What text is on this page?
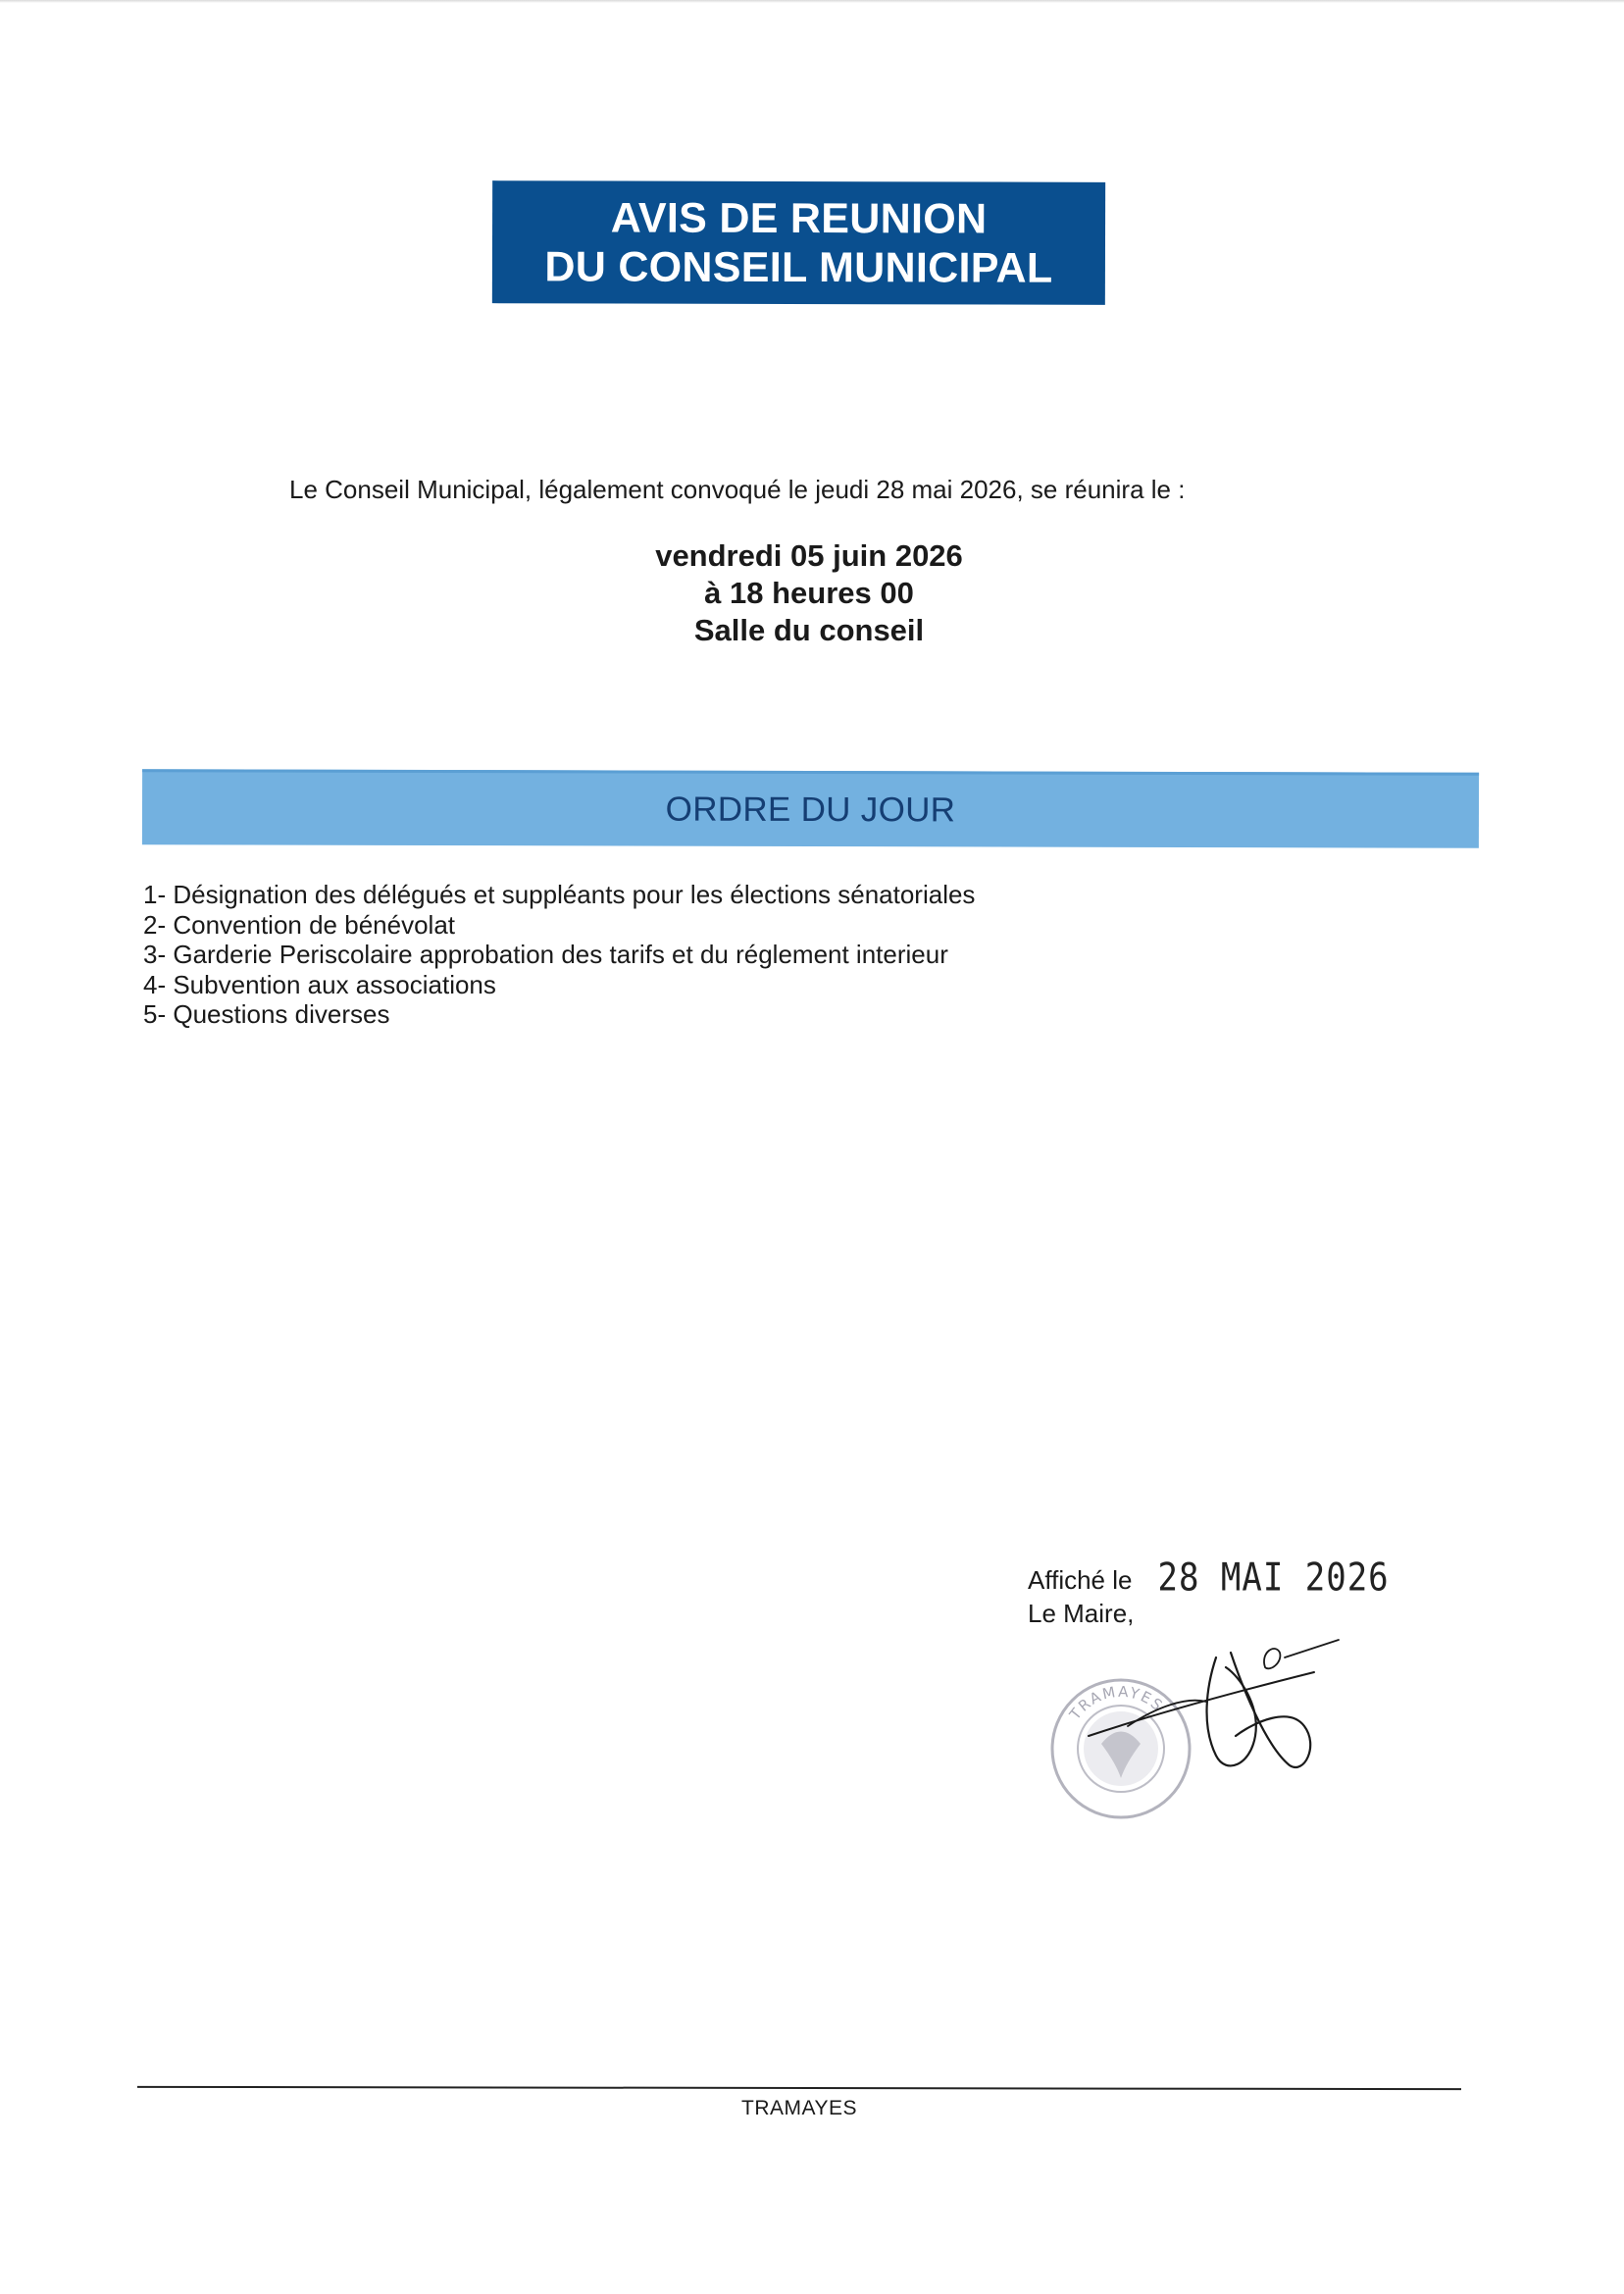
AVIS DE REUNION
DU CONSEIL MUNICIPAL
Le Conseil Municipal, légalement convoqué le jeudi 28 mai 2026, se réunira le :
vendredi 05 juin 2026
à 18 heures 00
Salle du conseil
ORDRE DU JOUR
1- Désignation des délégués et suppléants pour les élections sénatoriales
2- Convention de bénévolat
3- Garderie Periscolaire approbation des tarifs et du réglement interieur
4- Subvention aux associations
5- Questions diverses
Affiché le 28 MAI 2026
Le Maire,
TRAMAYES
TRAMAYES
